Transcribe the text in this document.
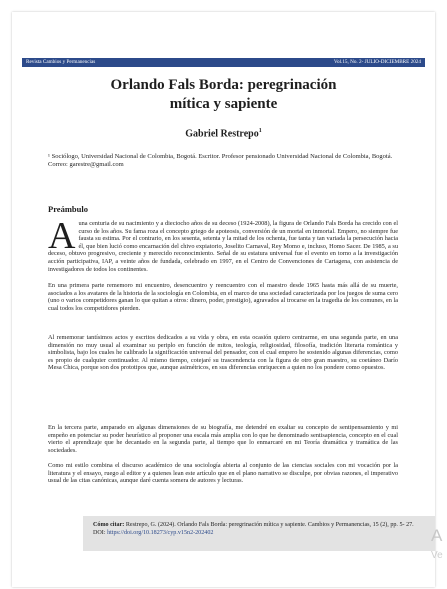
Revista Cambios y Permanencias	Vol.15, No. 2- JULIO-DICIEMBRE 2024
Orlando Fals Borda: peregrinación
mítica y sapiente
Gabriel Restrepo$^1$
¹ Sociólogo, Universidad Nacional de Colombia, Bogotá. Escritor. Profesor pensionado Universidad Nacional de Colombia, Bogotá. Correo: garestre@gmail.com
Preámbulo

Auna centuria de su nacimiento y a dieciocho años de su deceso (1924-2008), la figura de Orlando Fals Borda ha crecido con el curso de los años. Su fama roza el concepto griego de apoteosis, conversión de un mortal en inmortal. Empero, no siempre fue fausta su estima. Por el contrario, en los sesenta, setenta y la mitad de los ochenta, fue tanta y tan variada la persecución hacia él, que bien lució como encarnación del chivo expiatorio, Joselito Carnaval, Rey Momo e, incluso, Homo Sacer. De 1985, a su deceso, obtuvo progresivo, creciente y merecido reconocimiento. Señal de su estatura universal fue el evento en torno a la investigación acción participativa, IAP, a veinte años de fundada, celebrado en 1997, en el Centro de Convenciones de Cartagena, con asistencia de investigadores de todos los continentes.

En una primera parte rememoro mi encuentro, desencuentro y reencuentro con el maestro desde 1965 hasta más allá de su muerte, asociados a los avatares de la historia de la sociología en Colombia, en el marco de una sociedad caracterizada por los juegos de suma cero (uno o varios competidores ganan lo que quitan a otros: dinero, poder, prestigio), agravados al trocarse en la tragedia de los comunes, en la cual todos los competidores pierden.

Al rememorar tantísimos actos y escritos dedicados a su vida y obra, en esta ocasión quiero centrarme, en una segunda parte, en una dimensión no muy usual al examinar su periplo en función de mitos, teología, religiosidad, filosofía, tradición literaria romántica y simbolista, bajo los cuales he calibrado la significación universal del pensador, con el cual empero he sostenido algunas diferencias, como es propio de cualquier continuador. Al mismo tiempo, cotejaré su trascendencia con la figura de otro gran maestro, su coetáneo Darío Mesa Chica, porque son dos prototipos que, aunque asimétricos, en sus diferencias enriquecen a quien no los pondere como opuestos.

En la tercera parte, amparado en algunas dimensiones de su biografía, me detendré en exaltar su concepto de sentipensamiento y mi empeño en potenciar su poder heurístico al proponer una escala más amplia con lo que he denominado sentisapiencia, concepto en el cual vierto el aprendizaje que he decantado en la segunda parte, al tiempo que lo enmarcaré en mi Teoría dramática y tramática de las sociedades.

Como mi estilo combina el discurso académico de una sociología abierta al conjunto de las ciencias sociales con mi vocación por la literatura y el ensayo, ruego al editor y a quienes lean este artículo que en el plano narrativo se disculpe, por obvias razones, el imperativo usual de las citas canónicas, aunque daré cuenta somera de autores y lecturas.

Cómo citar: Restrepo, G. (2024). Orlando Fals Borda: peregrinación mítica y sapiente. Cambios y Permanencias, 15 (2), pp. 5- 27. DOI: https://doi.org/10.18273/cyp.v15n2-202402	A
Ve
